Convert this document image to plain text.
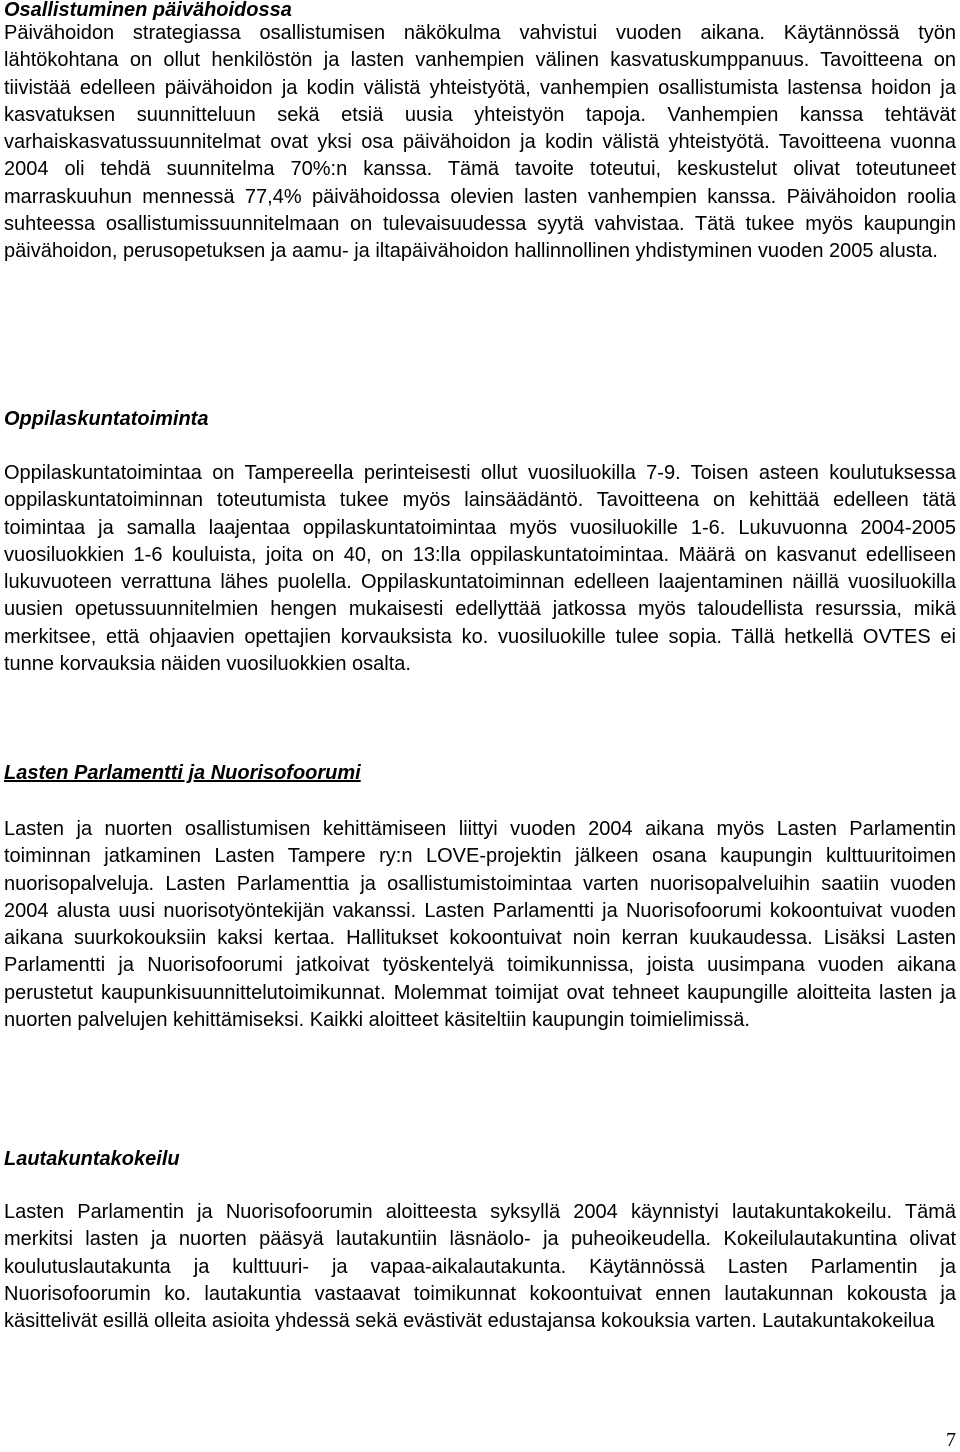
Osallistuminen päivähoidossa

Päivähoidon strategiassa osallistumisen näkökulma vahvistui vuoden aikana. Käytännössä työn lähtökohtana on ollut henkilöstön ja lasten vanhempien välinen kasvatuskumppanuus. Tavoitteena on tiivistää edelleen päivähoidon ja kodin välistä yhteistyötä, vanhempien osallistumista lastensa hoidon ja kasvatuksen suunnitteluun sekä etsiä uusia yhteistyön tapoja. Vanhempien kanssa tehtävät varhaiskasvatussuunnitelmat ovat yksi osa päivähoidon ja kodin välistä yhteistyötä. Tavoitteena vuonna 2004 oli tehdä suunnitelma 70%:n kanssa. Tämä tavoite toteutui, keskustelut olivat toteutuneet marraskuuhun mennessä 77,4% päivähoidossa olevien lasten vanhempien kanssa. Päivähoidon roolia suhteessa osallistumissuunnitelmaan on tulevaisuudessa syytä vahvistaa. Tätä tukee myös kaupungin päivähoidon, perusopetuksen ja aamu- ja iltapäivähoidon hallinnollinen yhdistyminen vuoden 2005 alusta.

Oppilaskuntatoiminta

Oppilaskuntatoimintaa on Tampereella perinteisesti ollut vuosiluokilla 7-9. Toisen asteen koulutuksessa oppilaskuntatoiminnan toteutumista tukee myös lainsäädäntö. Tavoitteena on kehittää edelleen tätä toimintaa ja samalla laajentaa oppilaskuntatoimintaa myös vuosiluokille 1-6. Lukuvuonna 2004-2005 vuosiluokkien 1-6 kouluista, joita on 40, on 13:lla oppilaskuntatoimintaa. Määrä on kasvanut edelliseen lukuvuoteen verrattuna lähes puolella. Oppilaskuntatoiminnan edelleen laajentaminen näillä vuosiluokilla uusien opetussuunnitelmien hengen mukaisesti edellyttää jatkossa myös taloudellista resurssia, mikä merkitsee, että ohjaavien opettajien korvauksista ko. vuosiluokille tulee sopia. Tällä hetkellä OVTES ei tunne korvauksia näiden vuosiluokkien osalta.

Lasten Parlamentti ja Nuorisofoorumi

Lasten ja nuorten osallistumisen kehittämiseen liittyi vuoden 2004 aikana myös Lasten Parlamentin toiminnan jatkaminen Lasten Tampere ry:n LOVE-projektin jälkeen osana kaupungin kulttuuritoimen nuorisopalveluja. Lasten Parlamenttia ja osallistumistoimintaa varten nuorisopalveluihin saatiin vuoden 2004 alusta uusi nuorisotyöntekijän vakanssi. Lasten Parlamentti ja Nuorisofoorumi kokoontuivat vuoden aikana suurkokouksiin kaksi kertaa. Hallitukset kokoontuivat noin kerran kuukaudessa. Lisäksi Lasten Parlamentti ja Nuorisofoorumi jatkoivat työskentelyä toimikunnissa, joista uusimpana vuoden aikana perustetut kaupunkisuunnittelutoimikunnat. Molemmat toimijat ovat tehneet kaupungille aloitteita lasten ja nuorten palvelujen kehittämiseksi. Kaikki aloitteet käsiteltiin kaupungin toimielimissä.

Lautakuntakokeilu

Lasten Parlamentin ja Nuorisofoorumin aloitteesta syksyllä 2004 käynnistyi lautakuntakokeilu. Tämä merkitsi lasten ja nuorten pääsyä lautakuntiin läsnäolo- ja puheoikeudella. Kokeilulautakuntina olivat koulutuslautakunta ja kulttuuri- ja vapaa-aikalautakunta. Käytännössä Lasten Parlamentin ja Nuorisofoorumin ko. lautakuntia vastaavat toimikunnat kokoontuivat ennen lautakunnan kokousta ja käsittelivät esillä olleita asioita yhdessä sekä evästivät edustajansa kokouksia varten. Lautakuntakokeilua

7
